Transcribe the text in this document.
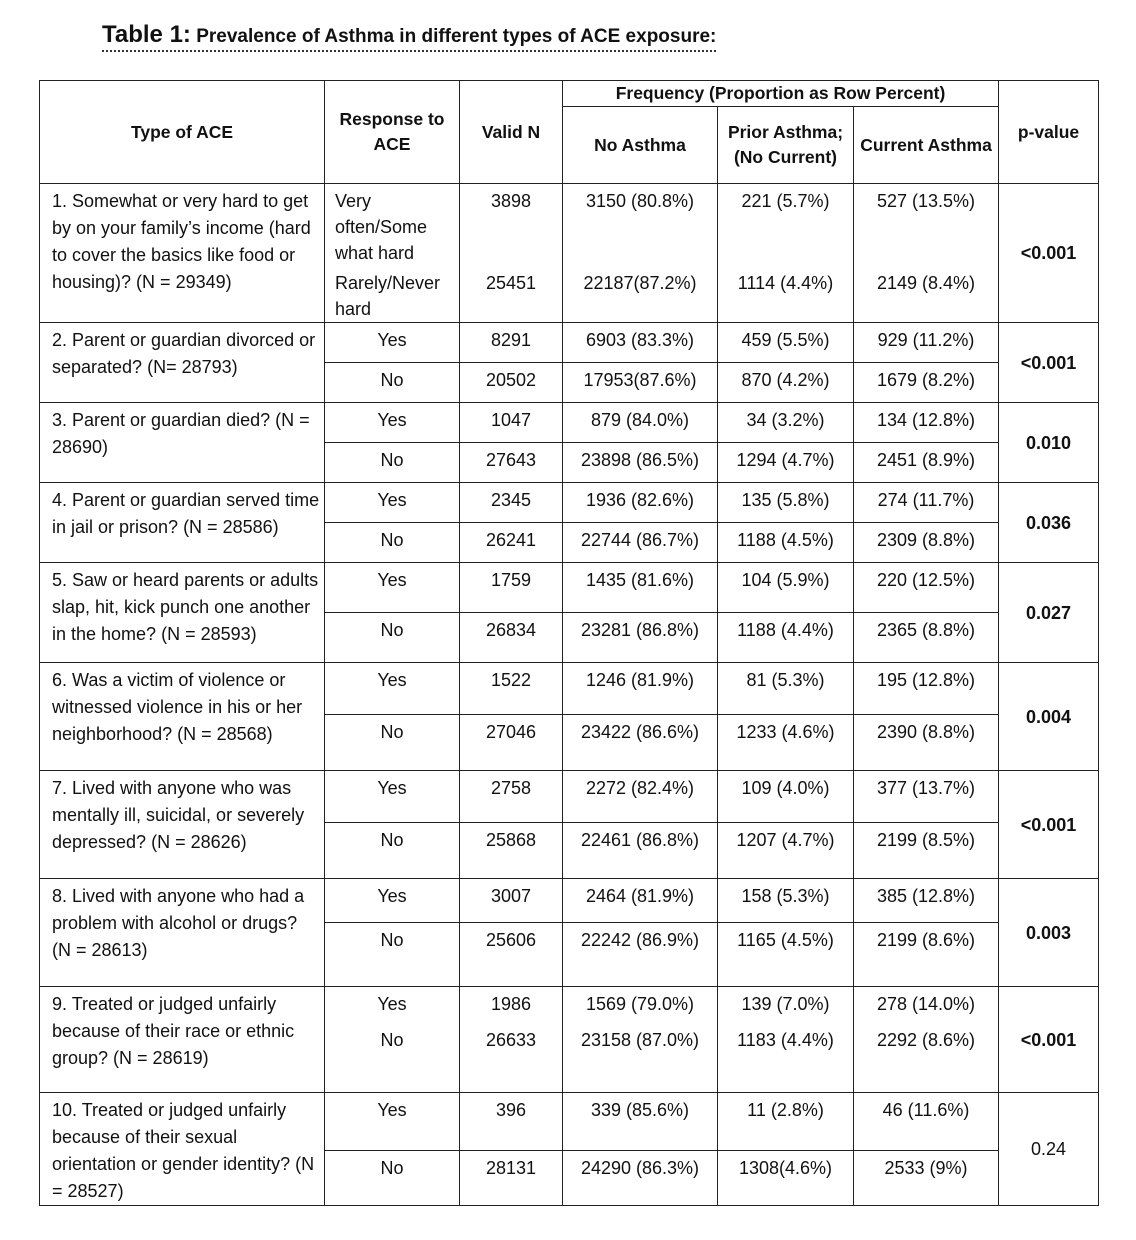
Table 1: Prevalence of Asthma in different types of ACE exposure:
Type of ACE	Response to ACE	Valid N	Frequency (Proportion as Row Percent)			p-value
			No Asthma	Prior Asthma; (No Current)	Current Asthma	
1. Somewhat or very hard to get by on your family’s income (hard to cover the basics like food or housing)? (N = 29349)	Very often/Some what hard	3898	3150 (80.8%)	221 (5.7%)	527 (13.5%)	<0.001
	Rarely/Never hard	25451	22187(87.2%)	1114 (4.4%)	2149 (8.4%)	
2. Parent or guardian divorced or separated? (N= 28793)	Yes	8291	6903 (83.3%)	459 (5.5%)	929 (11.2%)	<0.001
	No	20502	17953(87.6%)	870 (4.2%)	1679 (8.2%)	
3. Parent or guardian died? (N = 28690)	Yes	1047	879 (84.0%)	34 (3.2%)	134 (12.8%)	0.010
	No	27643	23898 (86.5%)	1294 (4.7%)	2451 (8.9%)	
4. Parent or guardian served time in jail or prison? (N = 28586)	Yes	2345	1936 (82.6%)	135 (5.8%)	274 (11.7%)	0.036
	No	26241	22744 (86.7%)	1188 (4.5%)	2309 (8.8%)	
5. Saw or heard parents or adults slap, hit, kick punch one another in the home? (N = 28593)	Yes	1759	1435 (81.6%)	104 (5.9%)	220 (12.5%)	0.027
	No	26834	23281 (86.8%)	1188 (4.4%)	2365 (8.8%)	
6. Was a victim of violence or witnessed violence in his or her neighborhood? (N = 28568)	Yes	1522	1246 (81.9%)	81 (5.3%)	195 (12.8%)	0.004
	No	27046	23422 (86.6%)	1233 (4.6%)	2390 (8.8%)	
7. Lived with anyone who was mentally ill, suicidal, or severely depressed? (N = 28626)	Yes	2758	2272 (82.4%)	109 (4.0%)	377 (13.7%)	<0.001
	No	25868	22461 (86.8%)	1207 (4.7%)	2199 (8.5%)	
8. Lived with anyone who had a problem with alcohol or drugs? (N = 28613)	Yes	3007	2464 (81.9%)	158 (5.3%)	385 (12.8%)	0.003
	No	25606	22242 (86.9%)	1165 (4.5%)	2199 (8.6%)	
9. Treated or judged unfairly because of their race or ethnic group? (N = 28619)	Yes	1986	1569 (79.0%)	139 (7.0%)	278 (14.0%)	<0.001
	No	26633	23158 (87.0%)	1183 (4.4%)	2292 (8.6%)	
10. Treated or judged unfairly because of their sexual orientation or gender identity? (N = 28527)	Yes	396	339 (85.6%)	11 (2.8%)	46 (11.6%)	0.24
	No	28131	24290 (86.3%)	1308(4.6%)	2533 (9%)	
